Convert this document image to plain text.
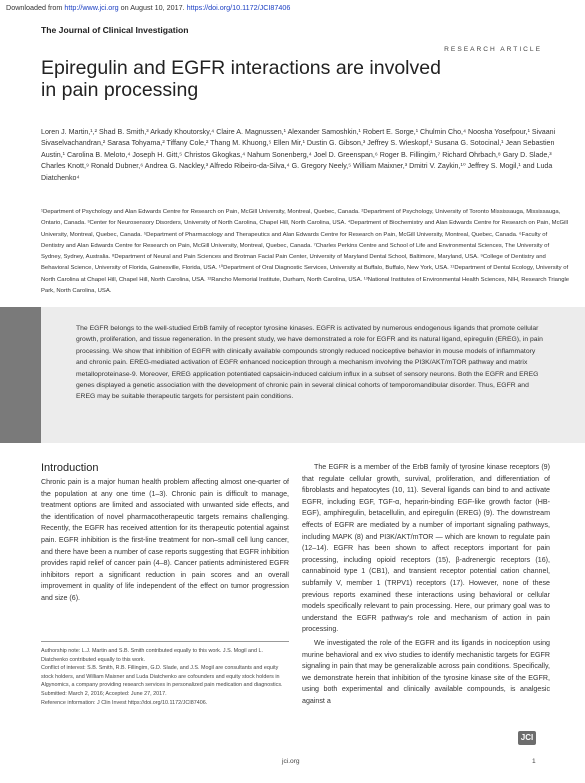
Downloaded from http://www.jci.org on August 10, 2017. https://doi.org/10.1172/JCI87406
The Journal of Clinical Investigation
RESEARCH ARTICLE
Epiregulin and EGFR interactions are involved in pain processing
Loren J. Martin,¹,² Shad B. Smith,³ Arkady Khoutorsky,⁴ Claire A. Magnussen,¹ Alexander Samoshkin,¹ Robert E. Sorge,¹ Chulmin Cho,⁴ Noosha Yosefpour,¹ Sivaani Sivaselvachandran,² Sarasa Tohyama,² Tiffany Cole,² Thang M. Khuong,⁵ Ellen Mir,¹ Dustin G. Gibson,³ Jeffrey S. Wieskopf,¹ Susana G. Sotocinal,¹ Jean Sebastien Austin,¹ Carolina B. Meloto,⁴ Joseph H. Gitt,⁵ Christos Gkogkas,⁴ Nahum Sonenberg,⁴ Joel D. Greenspan,⁶ Roger B. Fillingim,⁷ Richard Ohrbach,⁸ Gary D. Slade,³ Charles Knott,⁹ Ronald Dubner,⁶ Andrea G. Nackley,³ Alfredo Ribeiro-da-Silva,⁴ G. Gregory Neely,⁵ William Maixner,³ Dmitri V. Zaykin,¹⁰ Jeffrey S. Mogil,¹ and Luda Diatchenko⁴
¹Department of Psychology and Alan Edwards Centre for Research on Pain, McGill University, Montreal, Quebec, Canada. ²Department of Psychology, University of Toronto Mississauga, Mississauga, Ontario, Canada. ³Center for Neurosensory Disorders, University of North Carolina, Chapel Hill, North Carolina, USA. ⁴Department of Biochemistry and Alan Edwards Centre for Research on Pain, McGill University, Montreal, Quebec, Canada. ⁵Department of Pharmacology and Therapeutics and Alan Edwards Centre for Research on Pain, McGill University, Montreal, Quebec, Canada. ⁶Faculty of Dentistry and Alan Edwards Centre for Research on Pain, McGill University, Montreal, Quebec, Canada. ⁷Charles Perkins Centre and School of Life and Environmental Sciences, The University of Sydney, Sydney, Australia. ⁸Department of Neural and Pain Sciences and Brotman Facial Pain Center, University of Maryland Dental School, Baltimore, Maryland, USA. ⁹College of Dentistry and Behavioral Science, University of Florida, Gainesville, Florida, USA. ¹⁰Department of Oral Diagnostic Services, University at Buffalo, Buffalo, New York, USA. ¹¹Department of Dental Ecology, University of North Carolina at Chapel Hill, Chapel Hill, North Carolina, USA. ¹²Rancho Memorial Institute, Durham, North Carolina, USA. ¹³National Institutes of Environmental Health Sciences, NIH, Research Triangle Park, North Carolina, USA.
The EGFR belongs to the well-studied ErbB family of receptor tyrosine kinases. EGFR is activated by numerous endogenous ligands that promote cellular growth, proliferation, and tissue regeneration. In the present study, we have demonstrated a role for EGFR and its natural ligand, epiregulin (EREG), in pain processing. We show that inhibition of EGFR with clinically available compounds strongly reduced nociceptive behavior in mouse models of inflammatory and chronic pain. EREG-mediated activation of EGFR enhanced nociception through a mechanism involving the PI3K/AKT/mTOR pathway and matrix metalloproteinase-9. Moreover, EREG application potentiated capsaicin-induced calcium influx in a subset of sensory neurons. Both the EGFR and EREG genes displayed a genetic association with the development of chronic pain in several clinical cohorts of temporomandibular disorder. Thus, EGFR and EREG may be suitable therapeutic targets for persistent pain conditions.
Introduction

Chronic pain is a major human health problem affecting almost one-quarter of the population at any one time (1–3). Chronic pain is difficult to manage, treatment options are limited and associated with unwanted side effects, and the identification of novel pharmacotherapeutic targets remains challenging. Recently, the EGFR has received attention for its therapeutic potential against pain. EGFR inhibition is the first-line treatment for non–small cell lung cancer, and there have been a number of case reports suggesting that EGFR inhibition provides rapid relief of cancer pain (4–8). Cancer patients administered EGFR inhibitors report a significant reduction in pain scores and an overall improvement in quality of life independent of the effect on tumor progression and size (6).

The EGFR is a member of the ErbB family of tyrosine kinase receptors (9) that regulate cellular growth, survival, proliferation, and differentiation of fibroblasts and hepatocytes (10, 11). Several ligands can bind to and activate EGFR, including EGF, TGF-α, heparin-binding EGF-like growth factor (HB-EGF), amphiregulin, betacellulin, and epiregulin (EREG) (9). The downstream effects of EGFR are mediated by a number of important signaling pathways, including MAPK (8) and PI3K/AKT/mTOR — which are known to regulate pain (12–14). EGFR has been shown to affect receptors important for pain processing, including opioid receptors (15), β-adrenergic receptors (16), cannabinoid type 1 (CB1), and transient receptor potential cation channel, subfamily V, member 1 (TRPV1) receptors (17). However, none of these previous reports examined these interactions using behavioral or cellular models specifically relevant to pain processing. Here, our primary goal was to understand the EGFR pathway's role and mechanism of action in pain processing.

We investigated the role of the EGFR and its ligands in nociception using murine behavioral and ex vivo studies to identify mechanistic targets for EGFR signaling in pain that may be generalizable across pain conditions. Specifically, we demonstrate herein that inhibition of the tyrosine kinase site of the EGFR, using both experimental and clinically available compounds, is analgesic against a

Authorship note: L.J. Martin and S.B. Smith contributed equally to this work. J.S. Mogil and L. Diatchenko contributed equally to this work.

Conflict of interest: S.B. Smith, R.B. Fillingim, G.D. Slade, and J.S. Mogil are consultants and equity stock holders, and William Maixner and Luda Diatchenko are cofounders and equity stock holders in Algynomics, a company providing research services in personalized pain medication and diagnostics.

Submitted: March 2, 2016; Accepted: June 27, 2017.

Reference information: J Clin Invest https://doi.org/10.1172/JCI87406.

JCI
jci.org	1
